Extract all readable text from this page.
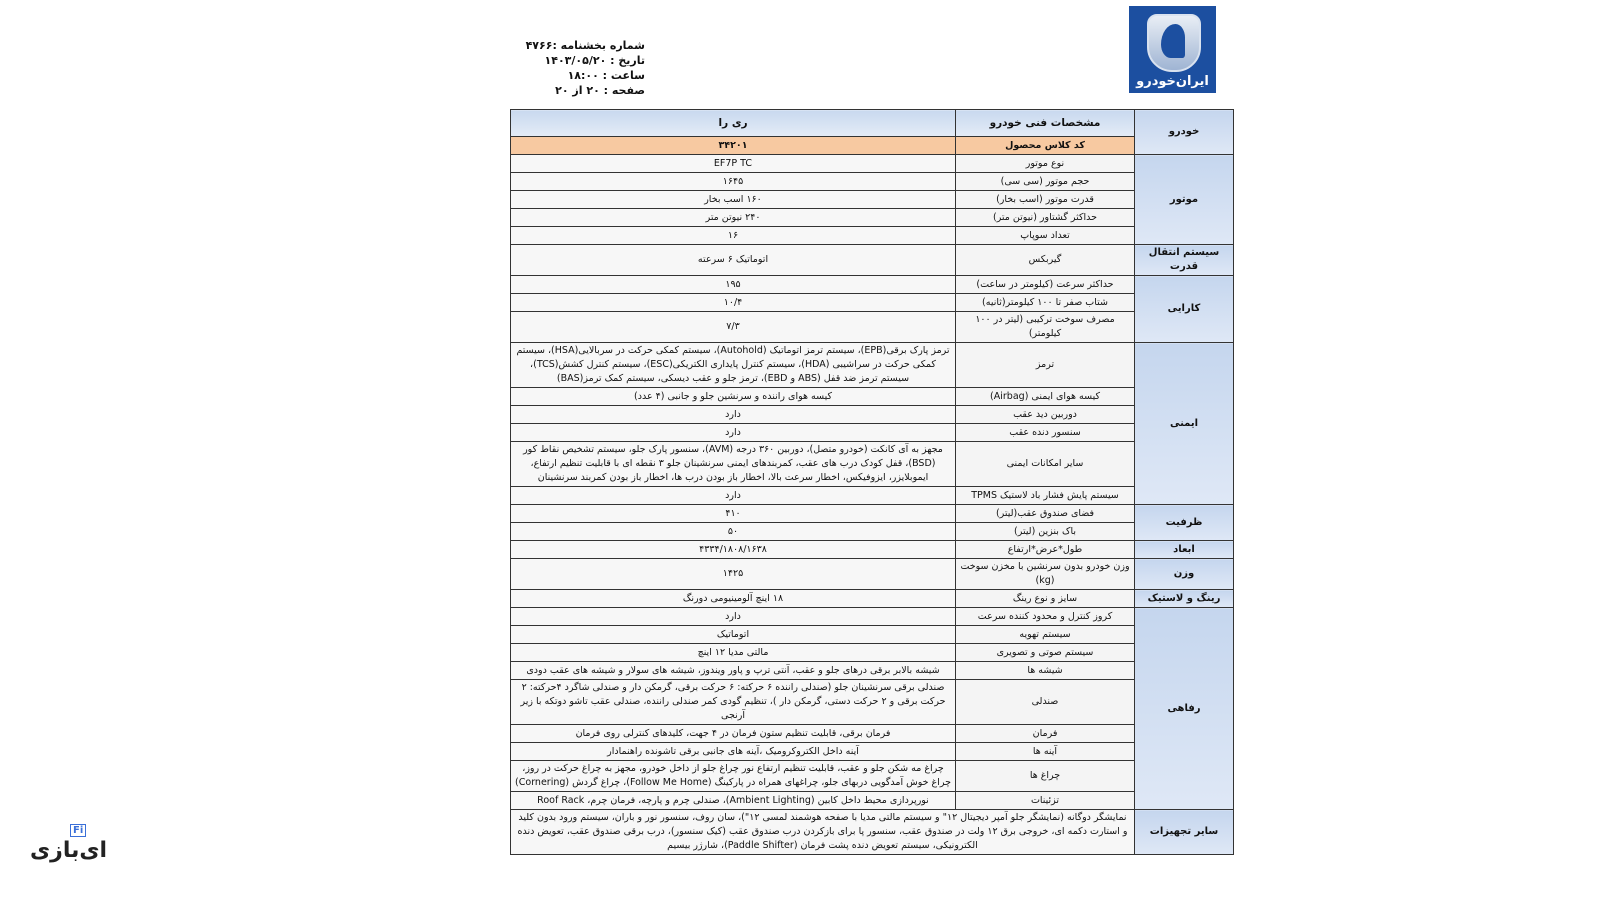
ایران‌خودرو
شماره بخشنامه :۴۷۶۶
تاریخ : ۱۴۰۳/۰۵/۲۰
ساعت : ۱۸:۰۰
صفحه : ۲۰ از ۲۰
خودرو	مشخصات فنی خودرو	ری را
	کد کلاس محصول	۳۴۲۰۱
موتور	نوع موتور	EF7P TC
	حجم موتور (سی سی)	۱۶۴۵
	قدرت موتور (اسب بخار)	۱۶۰ اسب بخار
	حداکثر گشتاور (نیوتن متر)	۲۴۰ نیوتن متر
	تعداد سوپاپ	۱۶
سیستم انتقال قدرت	گیربکس	اتوماتیک ۶ سرعته
کارایی	حداکثر سرعت (کیلومتر در ساعت)	۱۹۵
	شتاب صفر تا ۱۰۰ کیلومتر(ثانیه)	۱۰/۴
	مصرف سوخت ترکیبی (لیتر در ۱۰۰ کیلومتر)	۷/۳
ایمنی	ترمز	ترمز پارک برقی(EPB)، سیستم ترمز اتوماتیک (Autohold)، سیستم کمکی حرکت در سربالایی(HSA)، سیستم کمکی حرکت در سراشیبی (HDA)، سیستم کنترل پایداری الکتریکی(ESC)، سیستم کنترل کشش(TCS)، سیستم ترمز ضد قفل (ABS و EBD)، ترمز جلو و عقب دیسکی، سیستم کمک ترمز(BAS)
	کیسه هوای ایمنی (Airbag)	کیسه هوای راننده و سرنشین جلو و جانبی (۴ عدد)
	دوربین دید عقب	دارد
	سنسور دنده عقب	دارد
	سایر امکانات ایمنی	مجهز به آی کانکت (خودرو متصل)، دوربین ۳۶۰ درجه (AVM)، سنسور پارک جلو، سیستم تشخیص نقاط کور (BSD)، قفل کودک درب های عقب، کمربندهای ایمنی سرنشینان جلو ۳ نقطه ای با قابلیت تنظیم ارتفاع، ایموبلایزر، ایزوفیکس، اخطار سرعت بالا، اخطار باز بودن درب ها، اخطار باز بودن کمربند سرنشینان
	سیستم پایش فشار باد لاستیک TPMS	دارد
ظرفیت	فضای صندوق عقب(لیتر)	۴۱۰
	باک بنزین (لیتر)	۵۰
ابعاد	طول*عرض*ارتفاع	۴۳۳۴/۱۸۰۸/۱۶۳۸
وزن	وزن خودرو بدون سرنشین با مخزن سوخت (kg)	۱۴۲۵
رینگ و لاستیک	سایز و نوع رینگ	۱۸ اینچ آلومینیومی دورنگ
رفاهی	کروز کنترل و محدود کننده سرعت	دارد
	سیستم تهویه	اتوماتیک
	سیستم صوتی و تصویری	مالتی مدیا ۱۲ اینچ
	شیشه ها	شیشه بالابر برقی درهای جلو و عقب، آنتی ترپ و پاور ویندوز، شیشه های سولار و شیشه های عقب دودی
	صندلی	صندلی برقی سرنشینان جلو (صندلی راننده ۶ حرکته: ۶ حرکت برقی، گرمکن دار و صندلی شاگرد ۴حرکته: ۲ حرکت برقی و ۲ حرکت دستی، گرمکن دار )، تنظیم گودی کمر صندلی راننده، صندلی عقب تاشو دوتکه با زیر آرنجی
	فرمان	فرمان برقی، قابلیت تنظیم ستون فرمان در ۴ جهت، کلیدهای کنترلی روی فرمان
	آینه ها	آینه داخل الکتروکرومیک ،آینه های جانبی برقی تاشونده راهنمادار
	چراغ ها	چراغ مه شکن جلو و عقب، قابلیت تنظیم ارتفاع نور چراغ جلو از داخل خودرو، مجهز به چراغ حرکت در روز، چراغ خوش آمدگویی دربهای جلو، چراغهای همراه در پارکینگ (Follow Me Home)، چراغ گردش (Cornering)
	تزئینات	نورپردازی محیط داخل کابین (Ambient Lighting)، صندلی چرم و پارچه، فرمان چرم، Roof Rack
سایر تجهیزات	نمایشگر دوگانه (نمایشگر جلو آمپر دیجیتال ۱۲" و سیستم مالتی مدیا با صفحه هوشمند لمسی ۱۲")، سان روف، سنسور نور و باران، سیستم ورود بدون کلید و استارت دکمه ای، خروجی برق ۱۲ ولت در صندوق عقب، سنسور پا برای بازکردن درب صندوق عقب (کیک سنسور)، درب برقی صندوق عقب، تعویض دنده الکترونیکی، سیستم تعویض دنده پشت فرمان (Paddle Shifter)، شارژر بیسیم	
ای‌بازی
Fi
